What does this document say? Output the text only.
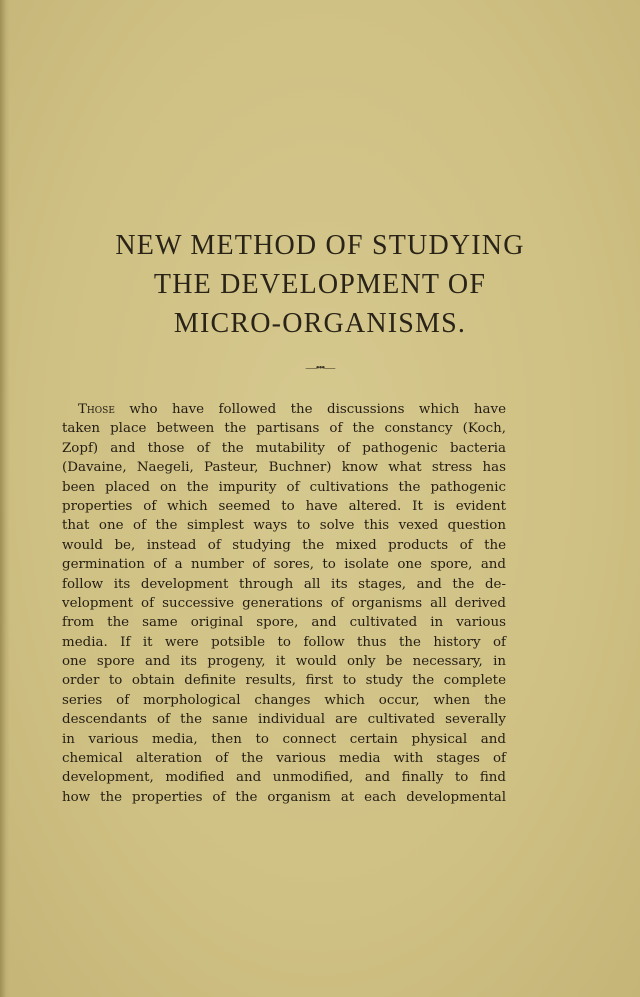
NEW METHOD OF STUDYING
THE DEVELOPMENT OF
MICRO-ORGANISMS.
—•••—
Those who have followed the discussions which have
taken place between the partisans of the constancy (Koch,
Zopf) and those of the mutability of pathogenic bacteria
(Davaine, Naegeli, Pasteur, Buchner) know what stress has
been placed on the impurity of cultivations the pathogenic
properties of which seemed to have altered. It is evident
that one of the simplest ways to solve this vexed question
would be, instead of studying the mixed products of the
germination of a number of sores, to isolate one spore, and
follow its development through all its stages, and the de-
velopment of successive generations of organisms all derived
from the same original spore, and cultivated in various
media. If it were potsible to follow thus the history of
one spore and its progeny, it would only be necessary, in
order to obtain definite results, first to study the complete
series of morphological changes which occur, when the
descendants of the sanıe individual are cultivated severally
in various media, then to connect certain physical and
chemical alteration of the various media with stages of
development, modified and unmodified, and finally to find
how the properties of the organism at each developmental
